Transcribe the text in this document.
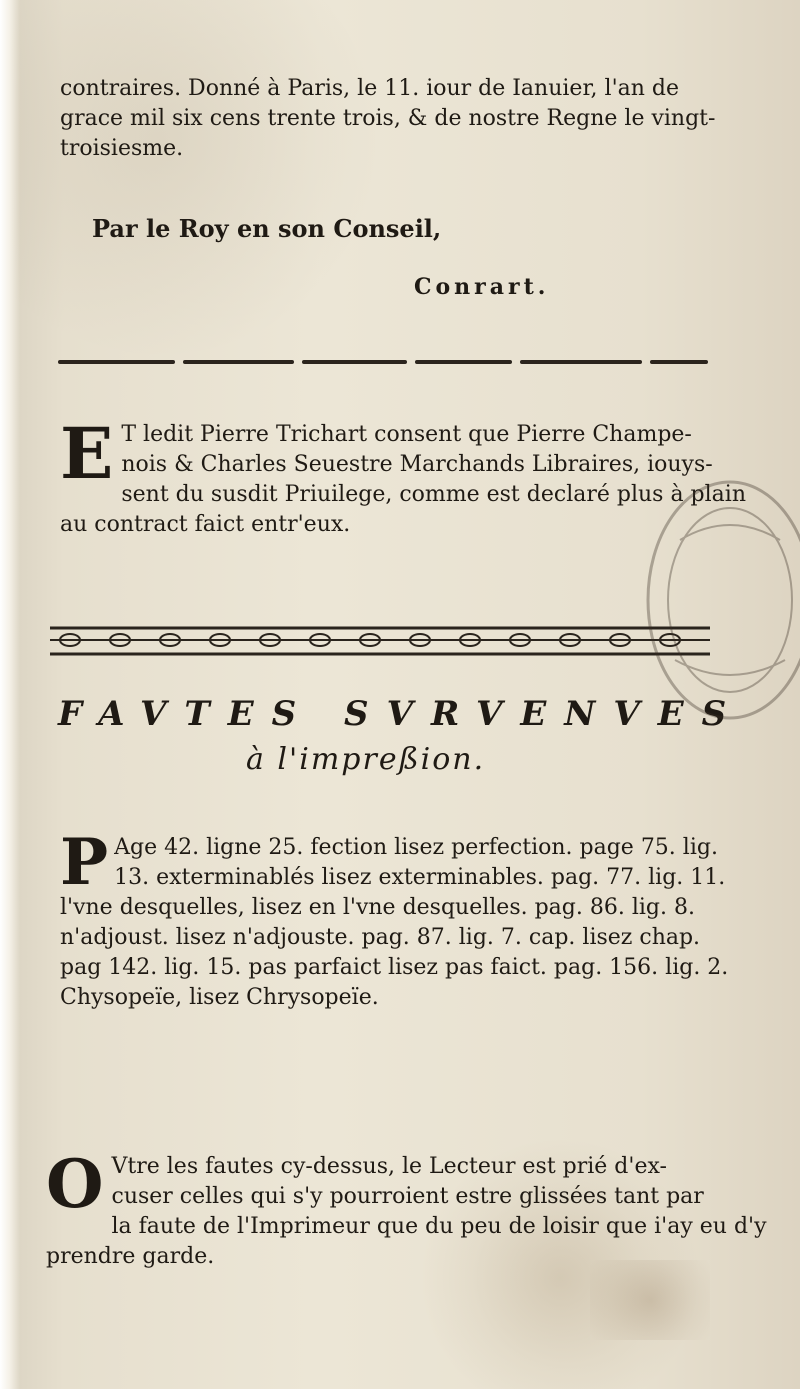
contraires. Donné à Paris, le 11. iour de Ianuier, l'an de
grace mil six cens trente trois, & de nostre Regne le vingt-
troisiesme.
Par le Roy en son Conseil,
Conrart.
E T ledit Pierre Trichart consent que Pierre Champe-
nois & Charles Seuestre Marchands Libraires, iouys-
sent du susdit Priuilege, comme est declaré plus à plain
au contract faict entr'eux.
FAVTES SVRVENVES
à l'impreßion.
P Age 42. ligne 25. fection lisez perfection. page 75. lig.
13. exterminablés lisez exterminables. pag. 77. lig. 11.
l'vne desquelles, lisez en l'vne desquelles. pag. 86. lig. 8.
n'adjoust. lisez n'adjouste. pag. 87. lig. 7. cap. lisez chap.
pag 142. lig. 15. pas parfaict lisez pas faict. pag. 156. lig. 2.
Chysopeïe, lisez Chrysopeïe.
O Vtre les fautes cy-dessus, le Lecteur est prié d'ex-
cuser celles qui s'y pourroient estre glissées tant par
la faute de l'Imprimeur que du peu de loisir que i'ay eu d'y
prendre garde.
